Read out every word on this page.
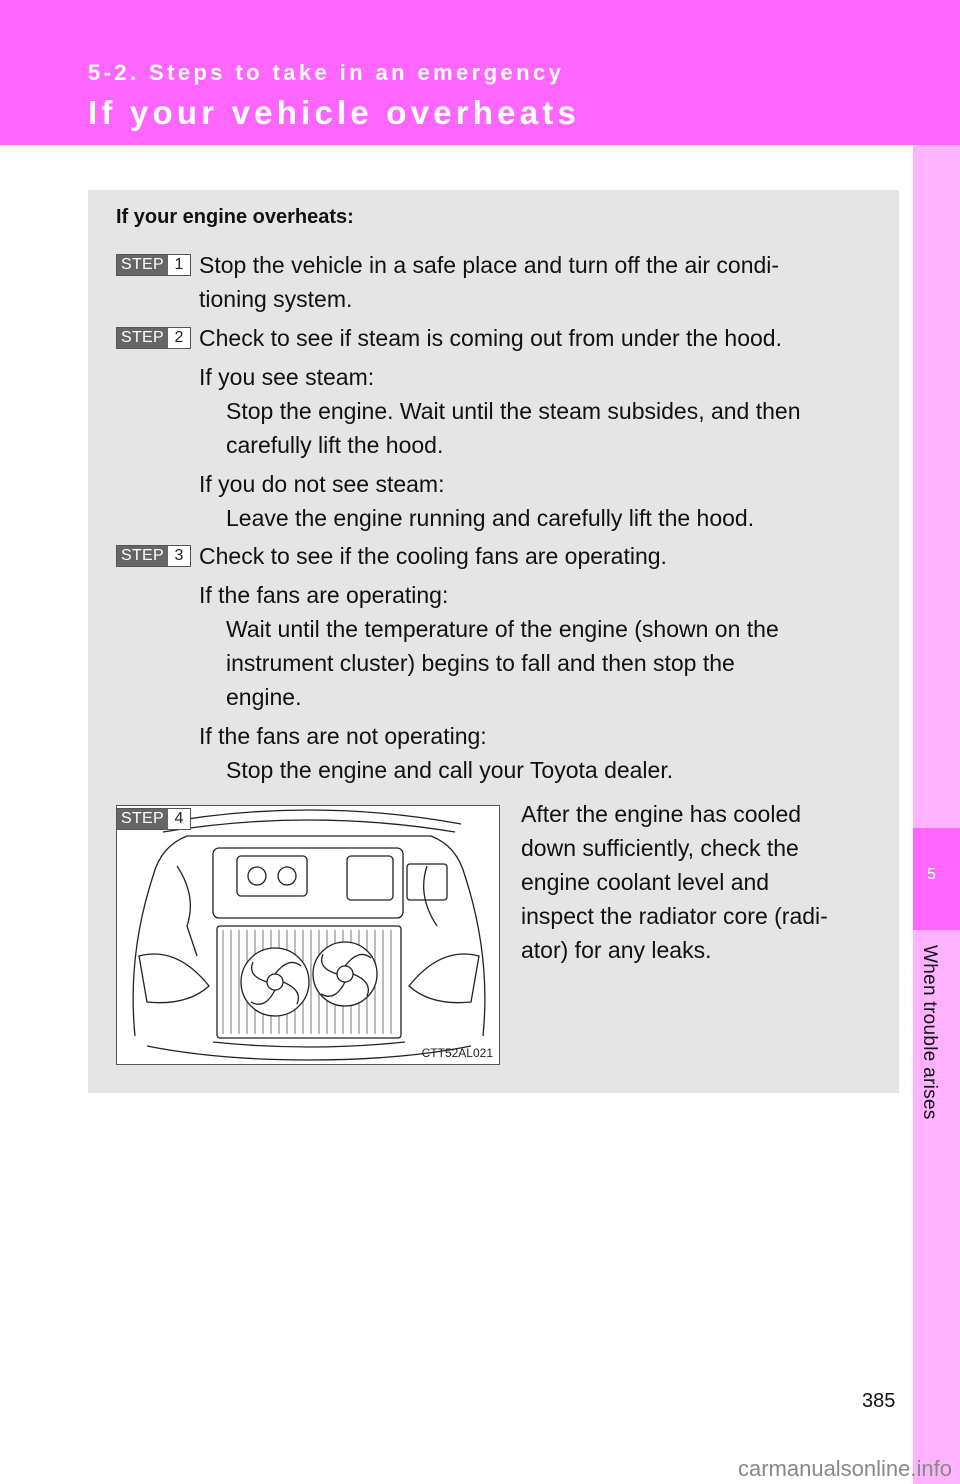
5-2. Steps to take in an emergency
If your vehicle overheats
5
When trouble arises
If your engine overheats:
STEP 1 Stop the vehicle in a safe place and turn off the air condi-
tioning system.
STEP 2 Check to see if steam is coming out from under the hood.
If you see steam:
Stop the engine. Wait until the steam subsides, and then
carefully lift the hood.
If you do not see steam:
Leave the engine running and carefully lift the hood.
STEP 3 Check to see if the cooling fans are operating.
If the fans are operating:
Wait until the temperature of the engine (shown on the
instrument cluster) begins to fall and then stop the
engine.
If the fans are not operating:
Stop the engine and call your Toyota dealer.
CTT52AL021
STEP 4	After the engine has cooled
down sufficiently, check the
engine coolant level and
inspect the radiator core (radi-
ator) for any leaks.
385
carmanualsonline.info
